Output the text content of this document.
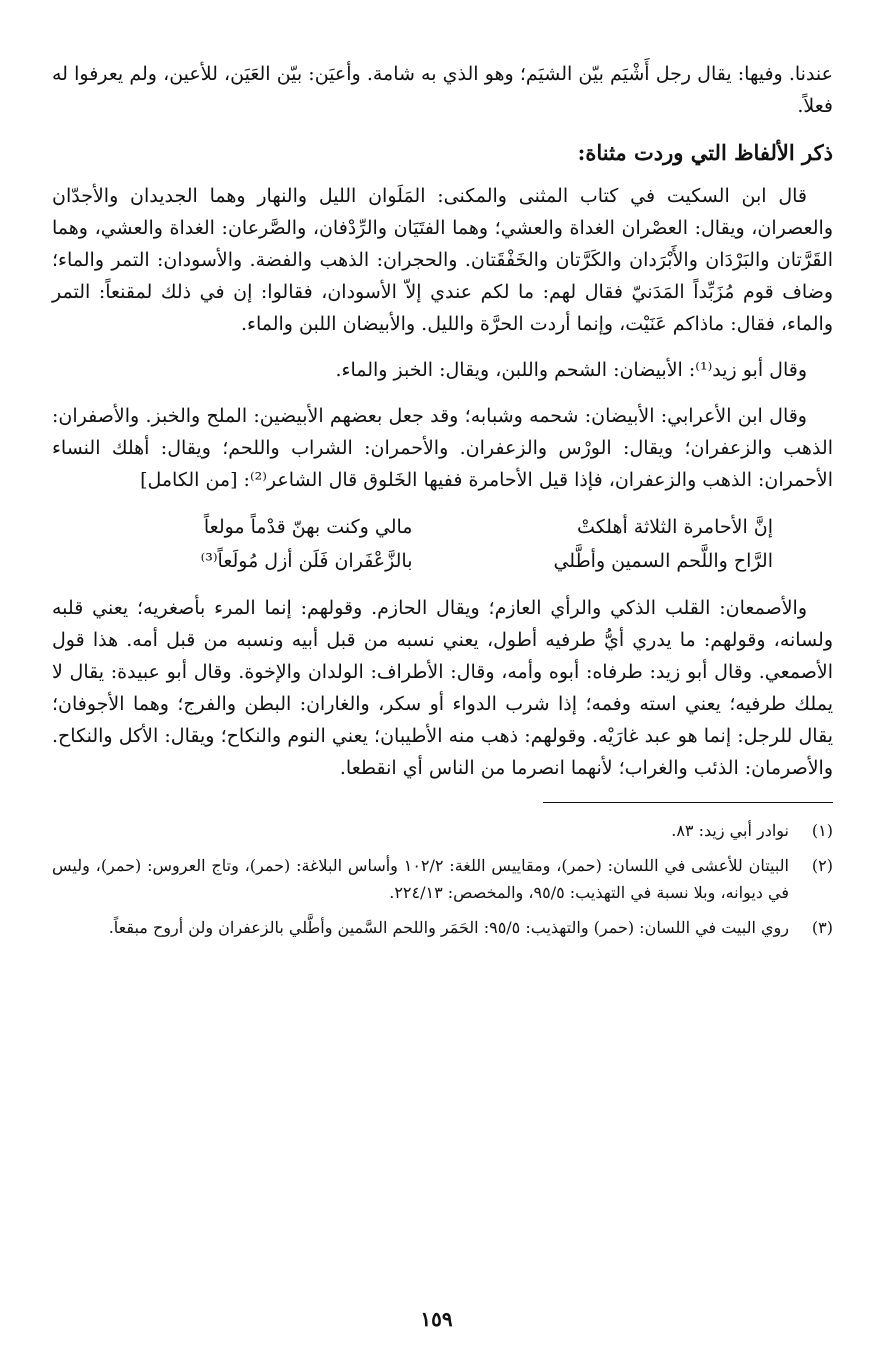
عندنا. وفيها: يقال رجل أَشْيَم بيّن الشيَم؛ وهو الذي به شامة. وأعيَن: بيّن العَيَن، للأعين، ولم يعرفوا له فعلاً.

ذكر الألفاظ التي وردت مثناة:

قال ابن السكيت في كتاب المثنى والمكنى: المَلَوان الليل والنهار وهما الجديدان والأجدّان والعصران، ويقال: العصْران الغداة والعشي؛ وهما الفتَيَان والرِّدْفان، والصَّرعان: الغداة والعشي، وهما القَرَّتان والبَرْدَان والأَبْرَدان والكَرَّتان والخَفْقَتان. والحجران: الذهب والفضة. والأسودان: التمر والماء؛ وضاف قوم مُزَبِّداً المَدَنيّ فقال لهم: ما لكم عندي إلاّ الأسودان، فقالوا: إن في ذلك لمقنعاً: التمر والماء، فقال: ماذاكم عَنَيْت، وإنما أردت الحرَّة والليل. والأبيضان اللبن والماء.

وقال أبو زيد⁽¹⁾: الأبيضان: الشحم واللبن، ويقال: الخبز والماء.

وقال ابن الأعرابي: الأبيضان: شحمه وشبابه؛ وقد جعل بعضهم الأبيضين: الملح والخبز. والأصفران: الذهب والزعفران؛ ويقال: الورْس والزعفران. والأحمران: الشراب واللحم؛ ويقال: أهلك النساء الأحمران: الذهب والزعفران، فإذا قيل الأحامرة ففيها الخَلوق قال الشاعر⁽²⁾: [من الكامل]

إنَّ الأحامرة الثلاثة أهلكتْ
مالي وكنت بهنّ قدْماً مولعاً
الرَّاح واللَّحم السمين وأطَّلي
بالزَّعْفَران فَلَن أزل مُولَعاً⁽³⁾

والأصمعان: القلب الذكي والرأي العازم؛ ويقال الحازم. وقولهم: إنما المرء بأصغريه؛ يعني قلبه ولسانه، وقولهم: ما يدري أيُّ طرفيه أطول، يعني نسبه من قبل أبيه ونسبه من قبل أمه. هذا قول الأصمعي. وقال أبو زيد: طرفاه: أبوه وأمه، وقال: الأطراف: الولدان والإخوة. وقال أبو عبيدة: يقال لا يملك طرفيه؛ يعني استه وفمه؛ إذا شرب الدواء أو سكر، والغاران: البطن والفرج؛ وهما الأجوفان؛ يقال للرجل: إنما هو عبد غارَيْه. وقولهم: ذهب منه الأطيبان؛ يعني النوم والنكاح؛ ويقال: الأكل والنكاح. والأصرمان: الذئب والغراب؛ لأنهما انصرما من الناس أي انقطعا.

(١)
نوادر أبي زيد: ٨٣.
(٢)
البيتان للأعشى في اللسان: (حمر)، ومقاييس اللغة: ١٠٢/٢ وأساس البلاغة: (حمر)، وتاج العروس: (حمر)، وليس في ديوانه، وبلا نسبة في التهذيب: ٩٥/٥، والمخصص: ٢٢٤/١٣.
(٣)
روي البيت في اللسان: (حمر) والتهذيب: ٩٥/٥: الحَمَر واللحم السَّمين وأطَّلي بالزعفران ولن أروح مبقعاً.
١٥٩
